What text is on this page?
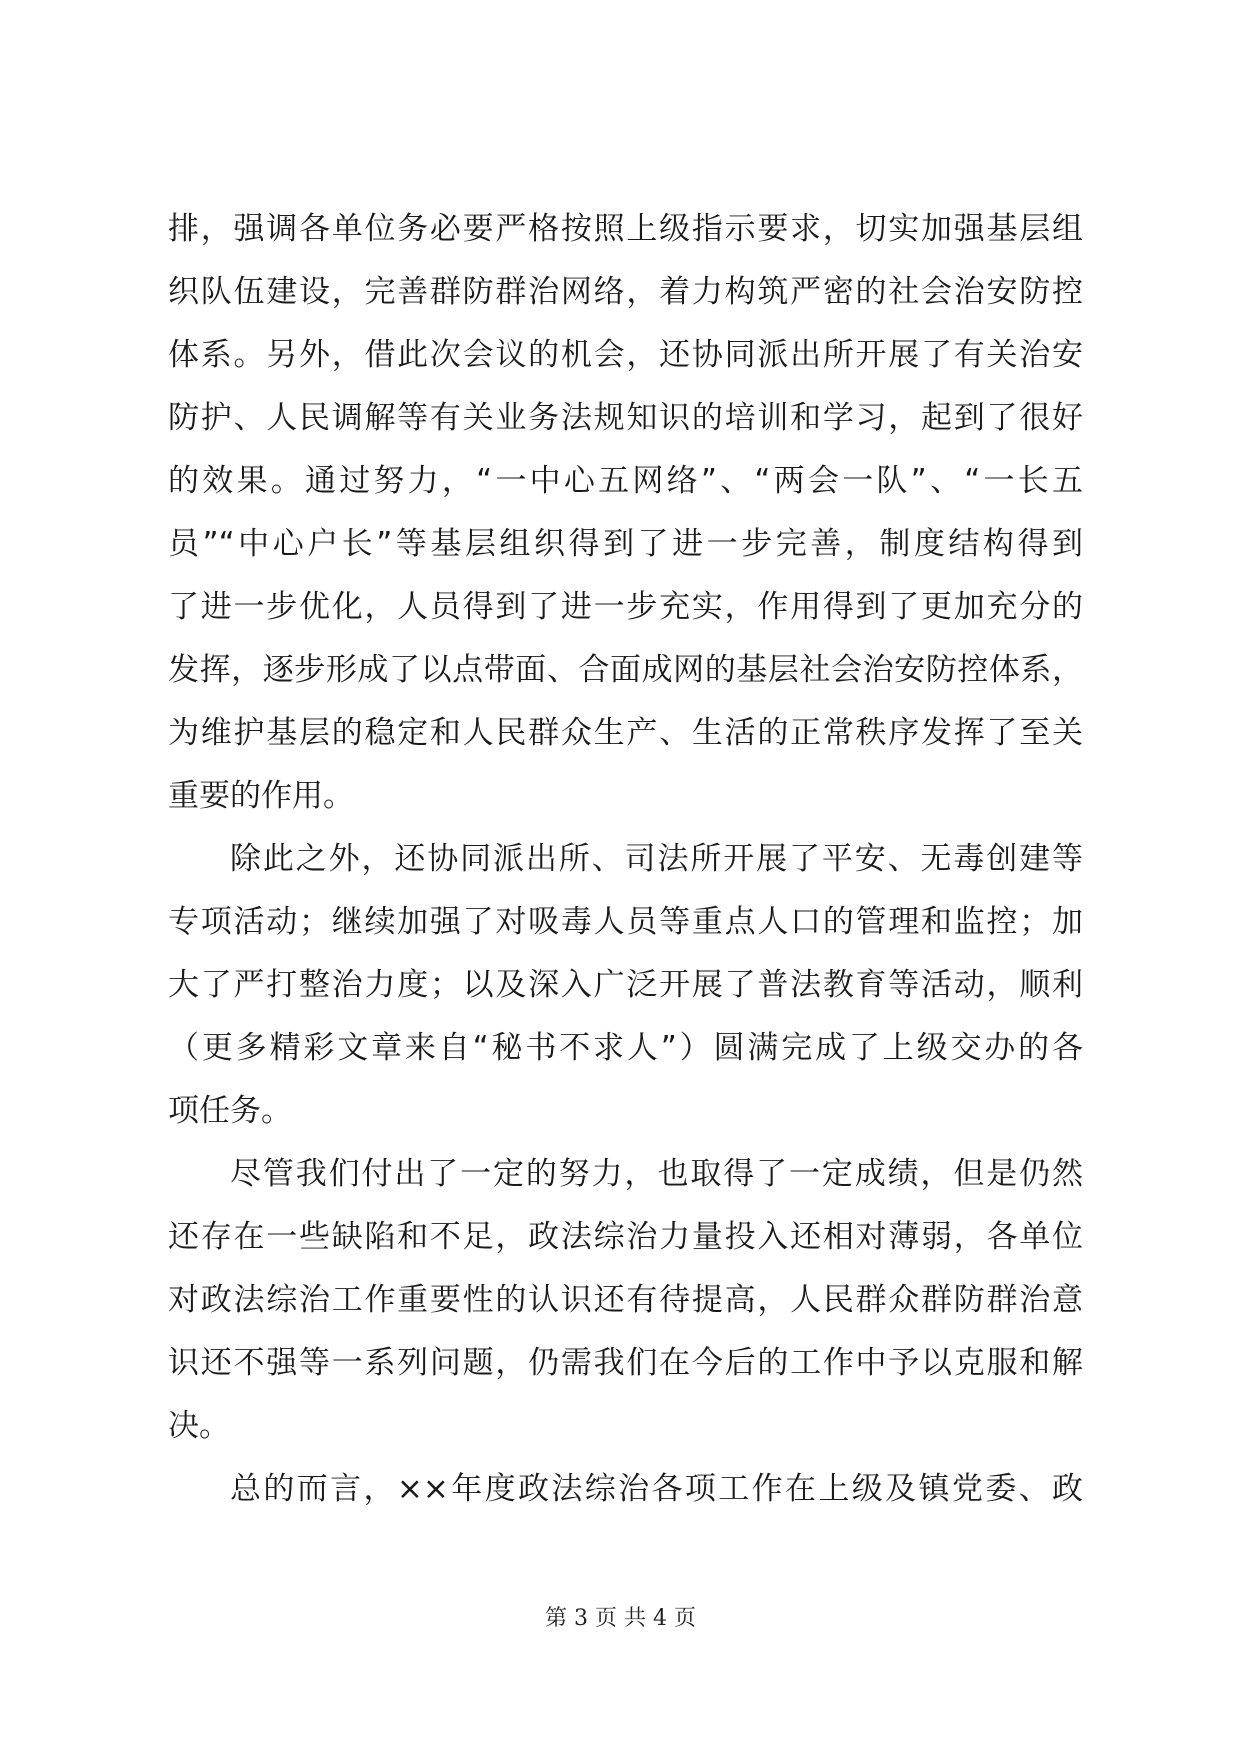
排，强调各单位务必要严格按照上级指示要求，切实加强基层组
织队伍建设，完善群防群治网络，着力构筑严密的社会治安防控
体系。另外，借此次会议的机会，还协同派出所开展了有关治安
防护、人民调解等有关业务法规知识的培训和学习，起到了很好
的效果。通过努力，“一中心五网络”、“两会一队”、“一长五
员”“中心户长”等基层组织得到了进一步完善，制度结构得到
了进一步优化，人员得到了进一步充实，作用得到了更加充分的
发挥，逐步形成了以点带面、合面成网的基层社会治安防控体系，
为维护基层的稳定和人民群众生产、生活的正常秩序发挥了至关
重要的作用。
除此之外，还协同派出所、司法所开展了平安、无毒创建等
专项活动；继续加强了对吸毒人员等重点人口的管理和监控；加
大了严打整治力度；以及深入广泛开展了普法教育等活动，顺利
（更多精彩文章来自“秘书不求人”）圆满完成了上级交办的各
项任务。
尽管我们付出了一定的努力，也取得了一定成绩，但是仍然
还存在一些缺陷和不足，政法综治力量投入还相对薄弱，各单位
对政法综治工作重要性的认识还有待提高，人民群众群防群治意
识还不强等一系列问题，仍需我们在今后的工作中予以克服和解
决。
总的而言，××年度政法综治各项工作在上级及镇党委、政
第 3 页 共 4 页
